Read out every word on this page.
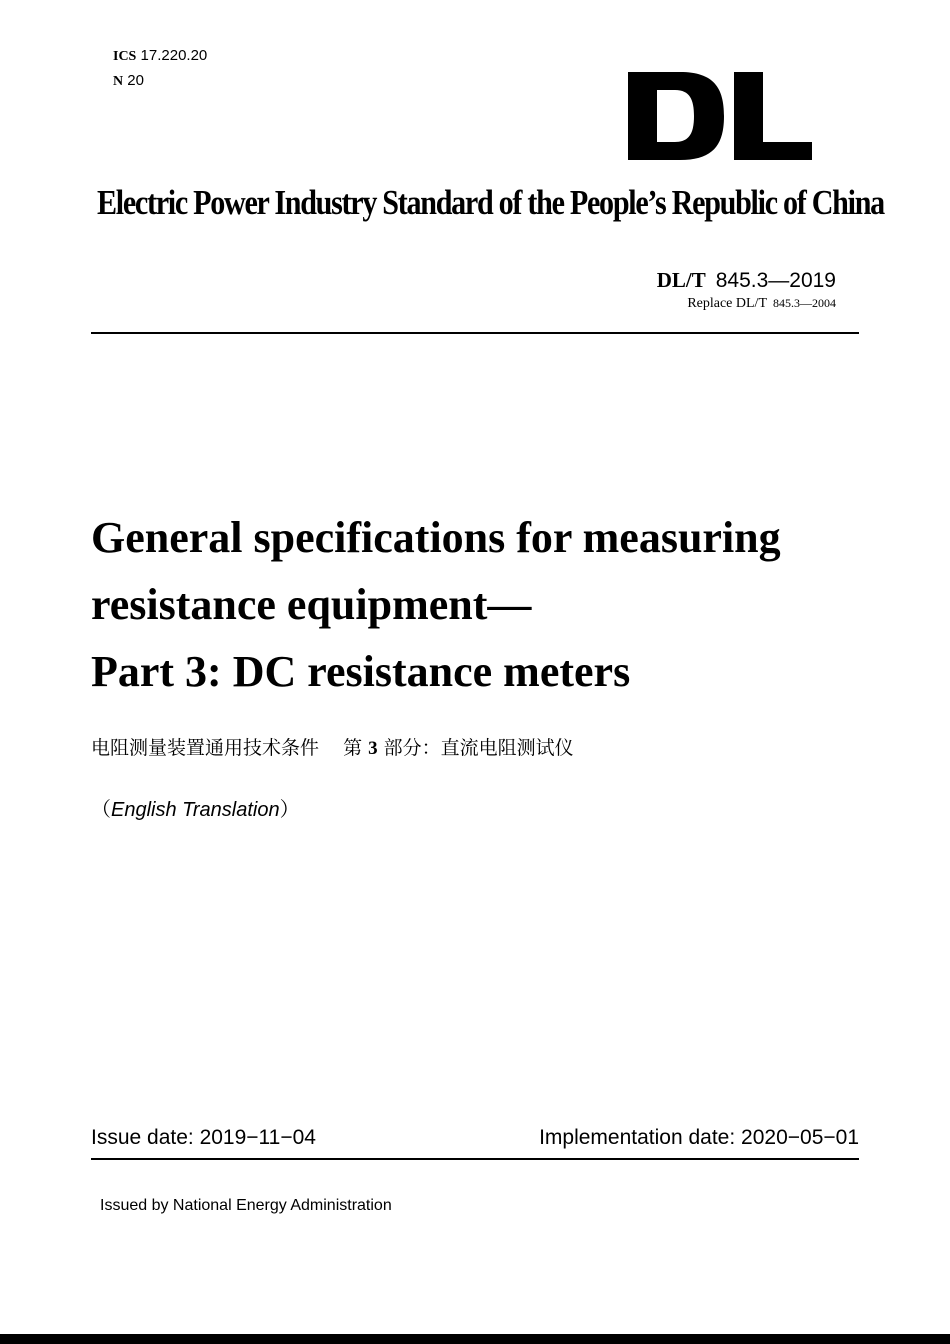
ICS 17.220.20
N 20
Electric Power Industry Standard of the People’s Republic of China
DL/T 845.3—2019
Replace DL/T 845.3—2004
General specifications for measuring
resistance equipment—
Part 3: DC resistance meters
电阻测量装置通用技术条件 第 3 部分：直流电阻测试仪
（English Translation）
Issue date: 2019−11−04	Implementation date: 2020−05−01
Issued by National Energy Administration
